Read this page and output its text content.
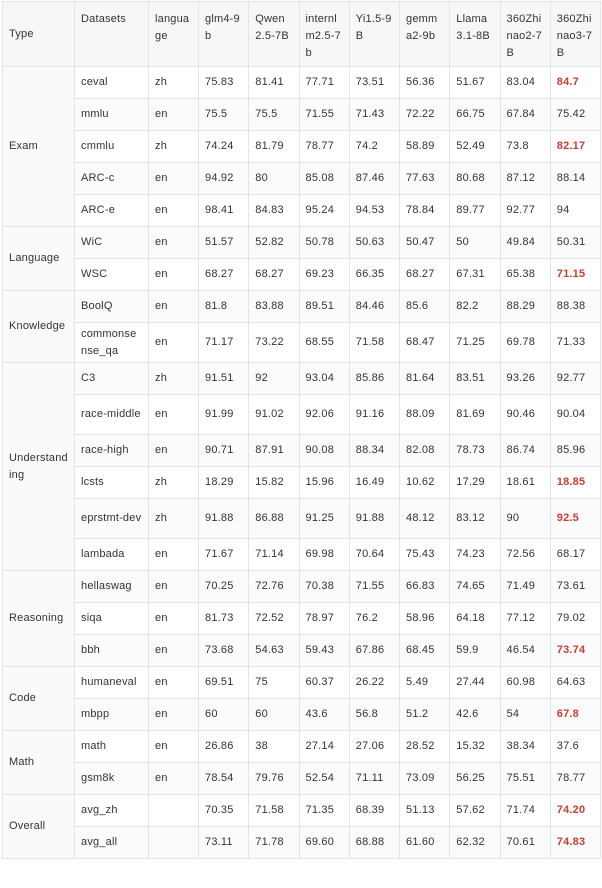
Type	Datasets	language	glm4-9b	Qwen2.5-7B	internlm2.5-7b	Yi1.5-9B	gemma2-9b	Llama3.1-8B	360Zhinao2-7B	360Zhinao3-7B
Exam	ceval	zh	75.83	81.41	77.71	73.51	56.36	51.67	83.04	84.7
	mmlu	en	75.5	75.5	71.55	71.43	72.22	66.75	67.84	75.42
	cmmlu	zh	74.24	81.79	78.77	74.2	58.89	52.49	73.8	82.17
	ARC-c	en	94.92	80	85.08	87.46	77.63	80.68	87.12	88.14
	ARC-e	en	98.41	84.83	95.24	94.53	78.84	89.77	92.77	94
Language	WiC	en	51.57	52.82	50.78	50.63	50.47	50	49.84	50.31
	WSC	en	68.27	68.27	69.23	66.35	68.27	67.31	65.38	71.15
Knowledge	BoolQ	en	81.8	83.88	89.51	84.46	85.6	82.2	88.29	88.38
	commonsense_qa	en	71.17	73.22	68.55	71.58	68.47	71.25	69.78	71.33
Understanding	C3	zh	91.51	92	93.04	85.86	81.64	83.51	93.26	92.77
	race-middle	en	91.99	91.02	92.06	91.16	88.09	81.69	90.46	90.04
	race-high	en	90.71	87.91	90.08	88.34	82.08	78.73	86.74	85.96
	lcsts	zh	18.29	15.82	15.96	16.49	10.62	17.29	18.61	18.85
	eprstmt-dev	zh	91.88	86.88	91.25	91.88	48.12	83.12	90	92.5
	lambada	en	71.67	71.14	69.98	70.64	75.43	74.23	72.56	68.17
Reasoning	hellaswag	en	70.25	72.76	70.38	71.55	66.83	74.65	71.49	73.61
	siqa	en	81.73	72.52	78.97	76.2	58.96	64.18	77.12	79.02
	bbh	en	73.68	54.63	59.43	67.86	68.45	59.9	46.54	73.74
Code	humaneval	en	69.51	75	60.37	26.22	5.49	27.44	60.98	64.63
	mbpp	en	60	60	43.6	56.8	51.2	42.6	54	67.8
Math	math	en	26.86	38	27.14	27.06	28.52	15.32	38.34	37.6
	gsm8k	en	78.54	79.76	52.54	71.11	73.09	56.25	75.51	78.77
Overall	avg_zh		70.35	71.58	71.35	68.39	51.13	57.62	71.74	74.20
	avg_all		73.11	71.78	69.60	68.88	61.60	62.32	70.61	74.83
